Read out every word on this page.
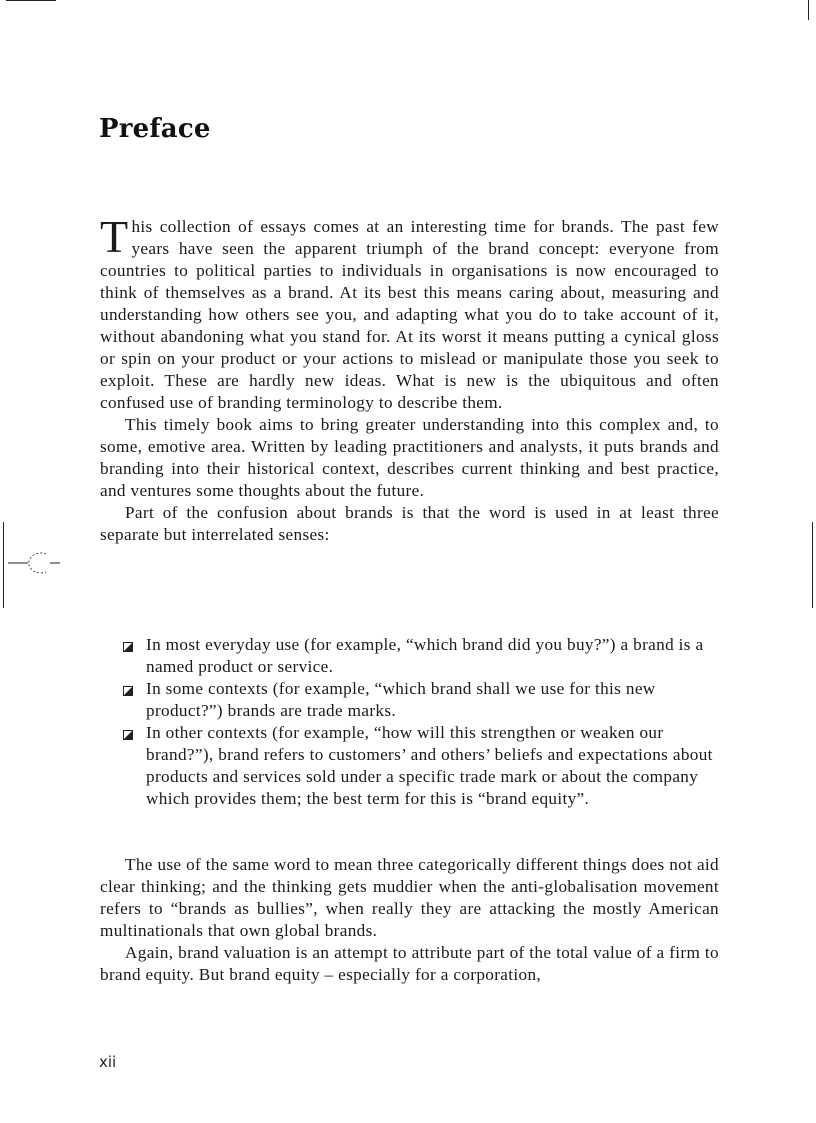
Preface

This collection of essays comes at an interesting time for brands. The past few years have seen the apparent triumph of the brand concept: everyone from countries to political parties to individuals in organisations is now encouraged to think of themselves as a brand. At its best this means caring about, measuring and understanding how others see you, and adapting what you do to take account of it, without abandoning what you stand for. At its worst it means putting a cynical gloss or spin on your product or your actions to mislead or manipulate those you seek to exploit. These are hardly new ideas. What is new is the ubiquitous and often confused use of branding terminology to describe them.

This timely book aims to bring greater understanding into this complex and, to some, emotive area. Written by leading practitioners and analysts, it puts brands and branding into their historical context, describes current thinking and best practice, and ventures some thoughts about the future.

Part of the confusion about brands is that the word is used in at least three separate but interrelated senses:

In most everyday use (for example, “which brand did you buy?”) a brand is a named product or service.
In some contexts (for example, “which brand shall we use for this new product?”) brands are trade marks.
In other contexts (for example, “how will this strengthen or weaken our brand?”), brand refers to customers’ and others’ beliefs and expectations about products and services sold under a specific trade mark or about the company which provides them; the best term for this is “brand equity”.

The use of the same word to mean three categorically different things does not aid clear thinking; and the thinking gets muddier when the anti-globalisation movement refers to “brands as bullies”, when really they are attacking the mostly American multinationals that own global brands.

Again, brand valuation is an attempt to attribute part of the total value of a firm to brand equity. But brand equity – especially for a corporation,

xii
